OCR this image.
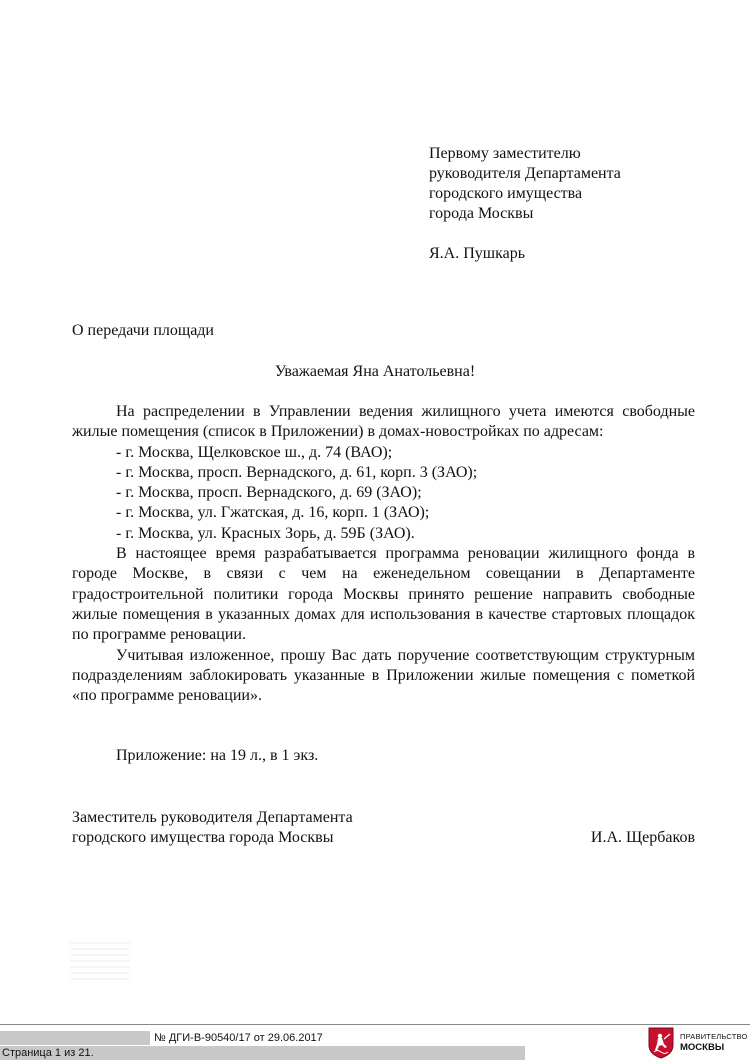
Первому заместителю
руководителя Департамента
городского имущества
города Москвы
Я.А. Пушкарь
О передачи площади
Уважаемая Яна Анатольевна!

На распределении в Управлении ведения жилищного учета имеются свободные жилые помещения (список в Приложении) в домах-новостройках по адресам:

- г. Москва, Щелковское ш., д. 74 (ВАО);

- г. Москва, просп. Вернадского, д. 61, корп. 3 (ЗАО);

- г. Москва, просп. Вернадского, д. 69 (ЗАО);

- г. Москва, ул. Гжатская, д. 16, корп. 1 (ЗАО);

- г. Москва, ул. Красных Зорь, д. 59Б (ЗАО).

В настоящее время разрабатывается программа реновации жилищного фонда в городе Москве, в связи с чем на еженедельном совещании в Департаменте градостроительной политики города Москвы принято решение направить свободные жилые помещения в указанных домах для использования в качестве стартовых площадок по программе реновации.

Учитывая изложенное, прошу Вас дать поручение соответствующим структурным подразделениям заблокировать указанные в Приложении жилые помещения с пометкой «по программе реновации».

Приложение: на 19 л., в 1 экз.
Заместитель руководителя Департамента
городского имущества города Москвы	И.А. Щербаков
№ ДГИ-В-90540/17 от 29.06.2017
Страница 1 из 21.
ПРАВИТЕЛЬСТВО
МОСКВЫ
